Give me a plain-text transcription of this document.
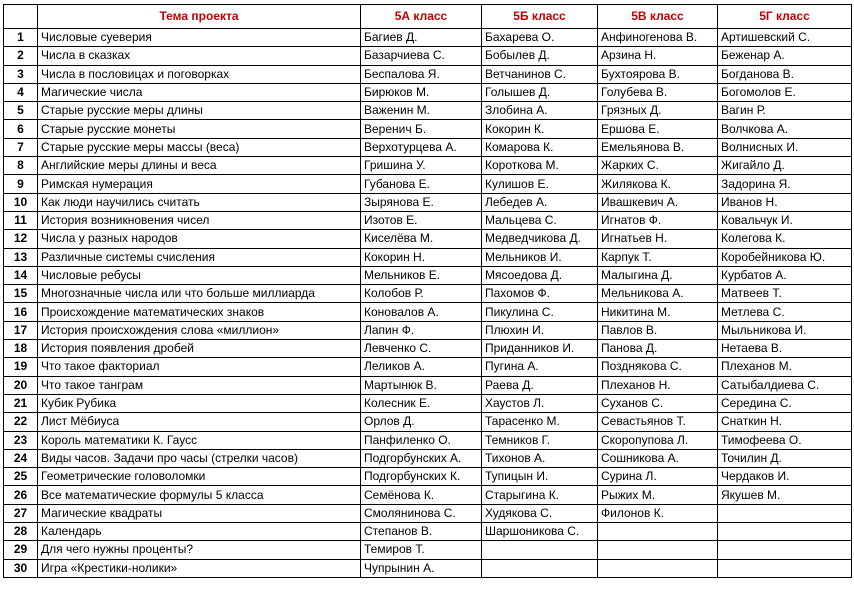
	Тема проекта	5А класс	5Б класс	5В класс	5Г класс
1	Числовые суеверия	Багиев Д.	Бахарева О.	Анфиногенова В.	Артишевский С.
2	Числа в сказках	Базарчиева С.	Бобылев Д.	Арзина Н.	Беженар А.
3	Числа в пословицах и поговорках	Беспалова Я.	Ветчанинов С.	Бухтоярова В.	Богданова В.
4	Магические числа	Бирюков М.	Голышев Д.	Голубева В.	Богомолов Е.
5	Старые русские меры длины	Важенин М.	Злобина А.	Грязных Д.	Вагин Р.
6	Старые русские монеты	Веренич Б.	Кокорин К.	Ершова Е.	Волчкова А.
7	Старые русские меры массы (веса)	Верхотурцева А.	Комарова К.	Емельянова В.	Волнисных И.
8	Английские меры длины и веса	Гришина У.	Короткова М.	Жарких С.	Жигайло Д.
9	Римская нумерация	Губанова Е.	Кулишов Е.	Жилякова К.	Задорина Я.
10	Как люди научились считать	Зырянова Е.	Лебедев А.	Ивашкевич А.	Иванов Н.
11	История возникновения чисел	Изотов Е.	Мальцева С.	Игнатов Ф.	Ковальчук И.
12	Числа у разных народов	Киселёва М.	Медведчикова Д.	Игнатьев Н.	Колегова К.
13	Различные системы счисления	Кокорин Н.	Мельников И.	Карпук Т.	Коробейникова Ю.
14	Числовые ребусы	Мельников Е.	Мясоедова Д.	Малыгина Д.	Курбатов А.
15	Многозначные числа или что больше миллиарда	Колобов Р.	Пахомов Ф.	Мельникова А.	Матвеев Т.
16	Происхождение математических знаков	Коновалов А.	Пикулина С.	Никитина М.	Метлева С.
17	История происхождения слова «миллион»	Лапин Ф.	Плюхин И.	Павлов В.	Мыльникова И.
18	История появления дробей	Левченко С.	Приданников И.	Панова Д.	Нетаева В.
19	Что такое факториал	Леликов А.	Пугина А.	Позднякова С.	Плеханов М.
20	Что такое танграм	Мартынюк В.	Раева Д.	Плеханов Н.	Сатыбалдиева С.
21	Кубик Рубика	Колесник Е.	Хаустов Л.	Суханов С.	Середина С.
22	Лист Мёбиуса	Орлов Д.	Тарасенко М.	Севастьянов Т.	Снаткин Н.
23	Король математики К. Гаусс	Панфиленко О.	Темников Г.	Скоропупова Л.	Тимофеева О.
24	Виды часов. Задачи про часы (стрелки часов)	Подгорбунских А.	Тихонов А.	Сошникова А.	Точилин Д.
25	Геометрические головоломки	Подгорбунских К.	Тупицын И.	Сурина Л.	Чердаков И.
26	Все математические формулы 5 класса	Семёнова К.	Старыгина К.	Рыжих М.	Якушев М.
27	Магические квадраты	Смолянинова С.	Худякова С.	Филонов К.	
28	Календарь	Степанов В.	Шаршоникова С.		
29	Для чего нужны проценты?	Темиров Т.			
30	Игра «Крестики-нолики»	Чупрынин А.			
